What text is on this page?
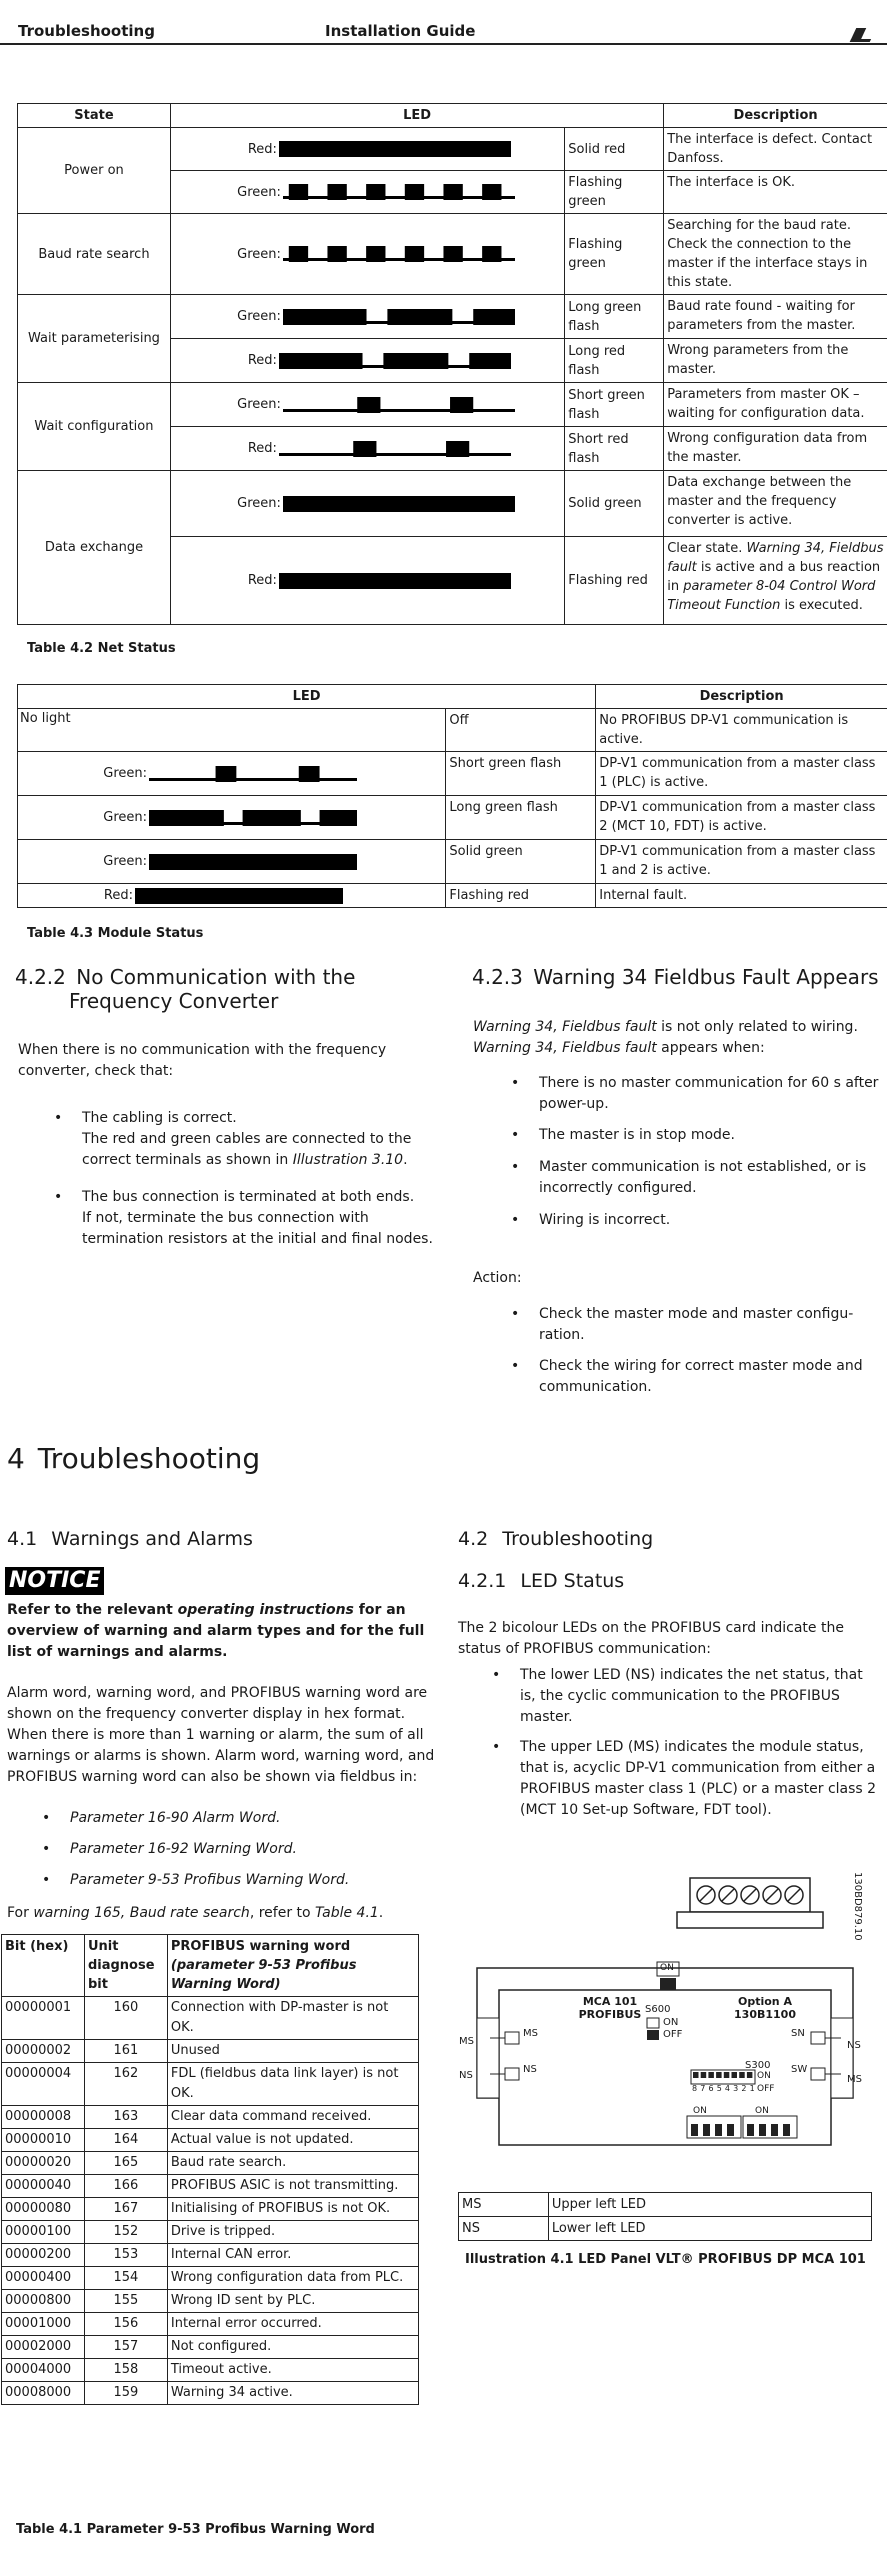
Troubleshooting	Installation Guide
State	LED		Description
Power on	Red:	Solid red	The interface is defect. Contact Danfoss.

	Green:	Flashing green	The interface is OK.
Baud rate search	Green:	Flashing green	Searching for the baud rate. Check the connection to the master if the interface stays in this state.
Wait parameterising	Green:	Long green flash	Baud rate found - waiting for parameters from the master.

	Red:	Long red flash	Wrong parameters from the master.
Wait configuration	Green:	Short green flash	Parameters from master OK – waiting for configuration data.

	Red:	Short red flash	Wrong configuration data from the master.
Data exchange	Green:	Solid green	Data exchange between the master and the frequency converter is active.

	Red:	Flashing red	Clear state. Warning 34, Fieldbus fault is active and a bus reaction in parameter 8-04 Control Word Timeout Function is executed.
Table 4.2 Net Status
LED		Description
No light	Off	No PROFIBUS DP-V1 communication is active.

Green:	Short green flash	DP-V1 communication from a master class 1 (PLC) is active.

Green:	Long green flash	DP-V1 communication from a master class 2 (MCT 10, FDT) is active.

Green:	Solid green	DP-V1 communication from a master class 1 and 2 is active.

Red:	Flashing red	Internal fault.
Table 4.3 Module Status
4.2.2 No Communication with the
Frequency Converter
When there is no communication with the frequency converter, check that:
• The cabling is correct.
The red and green cables are connected to the correct terminals as shown in Illustration 3.10.
• The bus connection is terminated at both ends.
If not, terminate the bus connection with termination resistors at the initial and final nodes.
4.2.3 Warning 34 Fieldbus Fault Appears
Warning 34, Fieldbus fault is not only related to wiring.
Warning 34, Fieldbus fault appears when:
• There is no master communication for 60 s after power-up.
• The master is in stop mode.
• Master communication is not established, or is incorrectly configured.
• Wiring is incorrect.
Action:
• Check the master mode and master configu-ration.
• Check the wiring for correct master mode and communication.
4 Troubleshooting
4.1 Warnings and Alarms
NOTICE
Refer to the relevant operating instructions for an overview of warning and alarm types and for the full list of warnings and alarms.
Alarm word, warning word, and PROFIBUS warning word are shown on the frequency converter display in hex format. When there is more than 1 warning or alarm, the sum of all warnings or alarms is shown. Alarm word, warning word, and PROFIBUS warning word can also be shown via fieldbus in:
• Parameter 16-90 Alarm Word.
• Parameter 16-92 Warning Word.
• Parameter 9-53 Profibus Warning Word.
For warning 165, Baud rate search, refer to Table 4.1.
Bit (hex)	Unit diagnose bit	PROFIBUS warning word
(parameter 9-53 Profibus Warning Word)
00000001	160	Connection with DP-master is not OK.
00000002	161	Unused
00000004	162	FDL (fieldbus data link layer) is not OK.
00000008	163	Clear data command received.
00000010	164	Actual value is not updated.
00000020	165	Baud rate search.
00000040	166	PROFIBUS ASIC is not transmitting.
00000080	167	Initialising of PROFIBUS is not OK.
00000100	152	Drive is tripped.
00000200	153	Internal CAN error.
00000400	154	Wrong configuration data from PLC.
00000800	155	Wrong ID sent by PLC.
00001000	156	Internal error occurred.
00002000	157	Not configured.
00004000	158	Timeout active.
00008000	159	Warning 34 active.
Table 4.1 Parameter 9-53 Profibus Warning Word
4.2 Troubleshooting
4.2.1 LED Status
The 2 bicolour LEDs on the PROFIBUS card indicate the status of PROFIBUS communication:
• The lower LED (NS) indicates the net status, that is, the cyclic communication to the PROFIBUS master.
• The upper LED (MS) indicates the module status, that is, acyclic DP-V1 communication from either a PROFIBUS master class 1 (PLC) or a master class 2 (MCT 10 Set-up Software, FDT tool).
130BD879.10
ON
MCA 101
PROFIBUS S600
ON
OFF
Option A
130B1100
MS
NS
MS
NS
SN
SW
NS
MS
S300
8 7 6 5 4 3 2 1
ON
OFF
ON	ON
MS	Upper left LED
NS	Lower left LED
Illustration 4.1 LED Panel VLT® PROFIBUS DP MCA 101
